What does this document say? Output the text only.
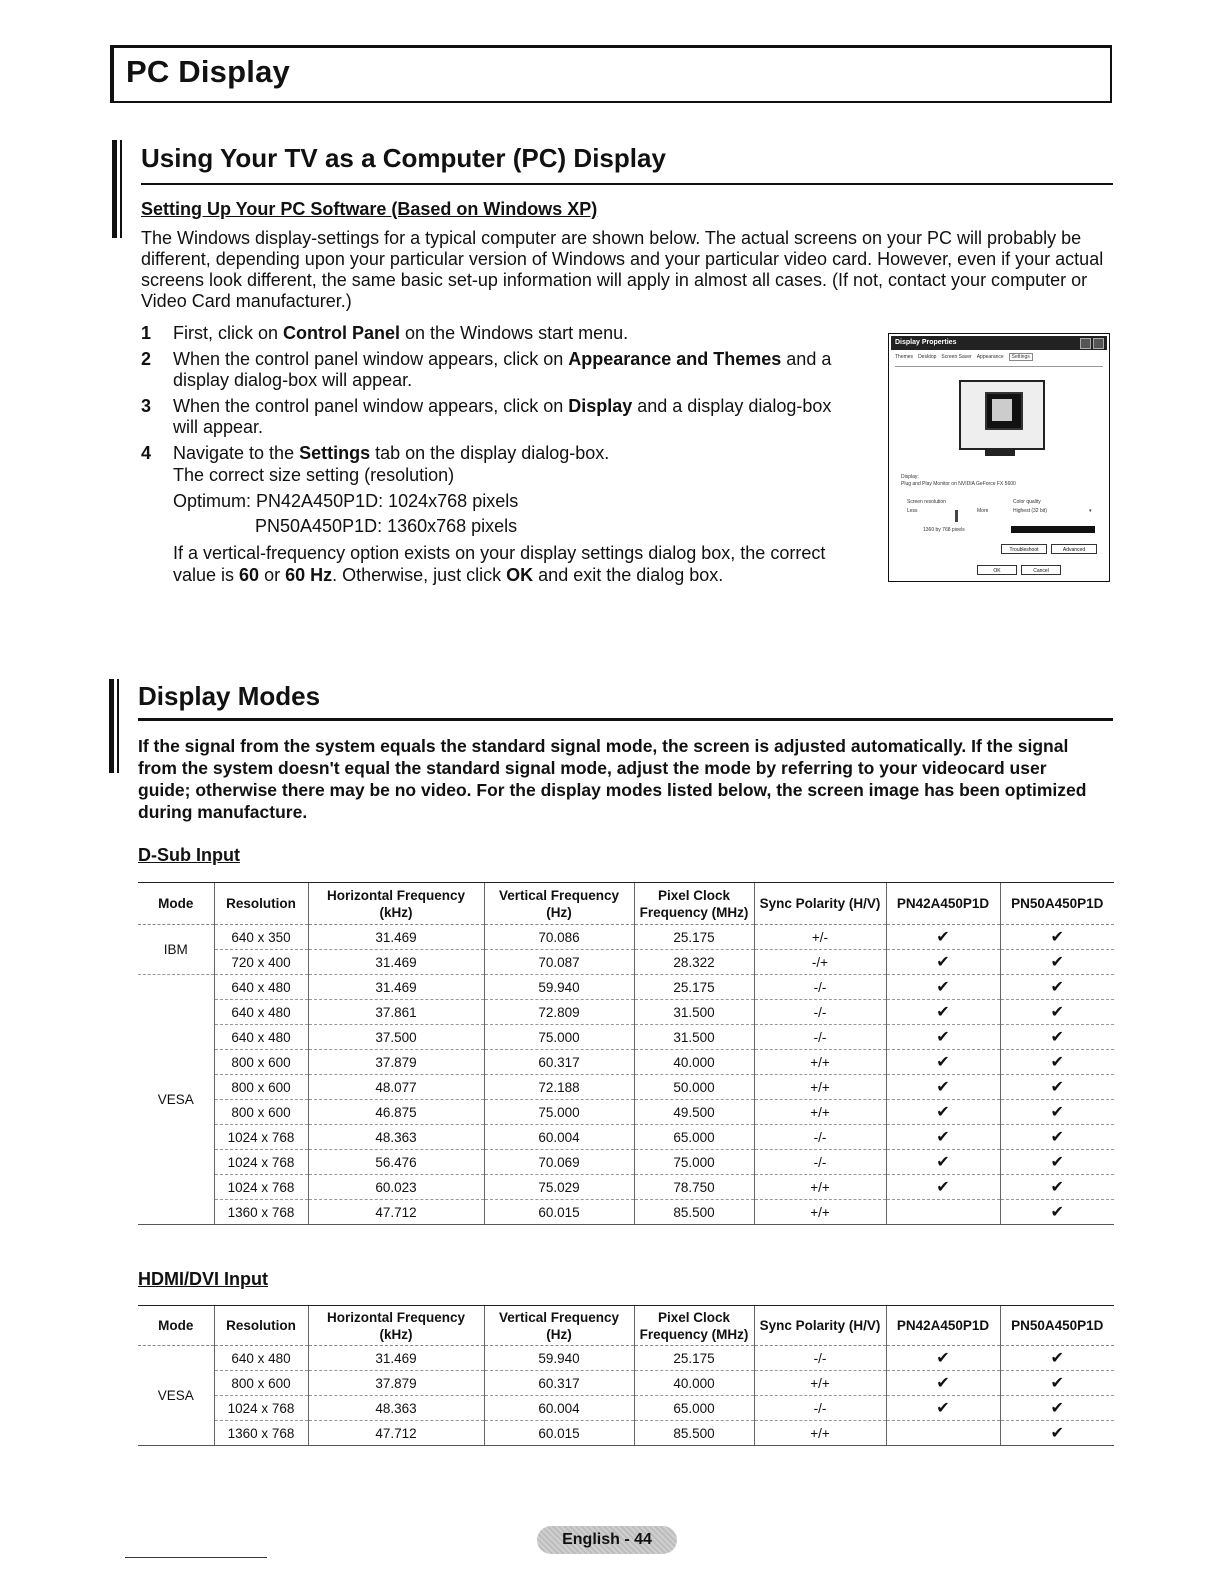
PC Display
Using Your TV as a Computer (PC) Display
Setting Up Your PC Software (Based on Windows XP)
The Windows display-settings for a typical computer are shown below. The actual screens on your PC will probably be
different, depending upon your particular version of Windows and your particular video card. However, even if your actual
screens look different, the same basic set-up information will apply in almost all cases. (If not, contact your computer or
Video Card manufacturer.)
1 First, click on Control Panel on the Windows start menu.
2 When the control panel window appears, click on Appearance and Themes and a display dialog-box will appear.
3 When the control panel window appears, click on Display and a display dialog-box will appear.
4 Navigate to the Settings tab on the display dialog-box.
The correct size setting (resolution)
Optimum: PN42A450P1D: 1024x768 pixels
PN50A450P1D: 1360x768 pixels
If a vertical-frequency option exists on your display settings dialog box, the correct
value is 60 or 60 Hz. Otherwise, just click OK and exit the dialog box.
Display Properties
Themes Desktop Screen Saver Appearance Settings
Display:
Plug and Play Monitor on NVIDIA GeForce FX 5600
Screen resolution
Less	More
Color quality
Highest (32 bit)	▾
1360 by 768 pixels
Troubleshoot	Advanced
OK	Cancel
Display Modes
If the signal from the system equals the standard signal mode, the screen is adjusted automatically. If the signal
from the system doesn't equal the standard signal mode, adjust the mode by referring to your videocard user
guide; otherwise there may be no video. For the display modes listed below, the screen image has been optimized
during manufacture.
D-Sub Input
Mode	Resolution	Horizontal Frequency (kHz)	Vertical Frequency (Hz)	Pixel Clock
Frequency (MHz)	Sync Polarity (H/V)	PN42A450P1D	PN50A450P1D
IBM	640 x 350	31.469	70.086	25.175	+/-	✔	✔
	720 x 400	31.469	70.087	28.322	-/+	✔	✔
VESA	640 x 480	31.469	59.940	25.175	-/-	✔	✔
	640 x 480	37.861	72.809	31.500	-/-	✔	✔
	640 x 480	37.500	75.000	31.500	-/-	✔	✔
	800 x 600	37.879	60.317	40.000	+/+	✔	✔
	800 x 600	48.077	72.188	50.000	+/+	✔	✔
	800 x 600	46.875	75.000	49.500	+/+	✔	✔
	1024 x 768	48.363	60.004	65.000	-/-	✔	✔
	1024 x 768	56.476	70.069	75.000	-/-	✔	✔
	1024 x 768	60.023	75.029	78.750	+/+	✔	✔
	1360 x 768	47.712	60.015	85.500	+/+		✔
HDMI/DVI Input
Mode	Resolution	Horizontal Frequency (kHz)	Vertical Frequency (Hz)	Pixel Clock
Frequency (MHz)	Sync Polarity (H/V)	PN42A450P1D	PN50A450P1D
VESA	640 x 480	31.469	59.940	25.175	-/-	✔	✔
	800 x 600	37.879	60.317	40.000	+/+	✔	✔
	1024 x 768	48.363	60.004	65.000	-/-	✔	✔
	1360 x 768	47.712	60.015	85.500	+/+		✔
English - 44
